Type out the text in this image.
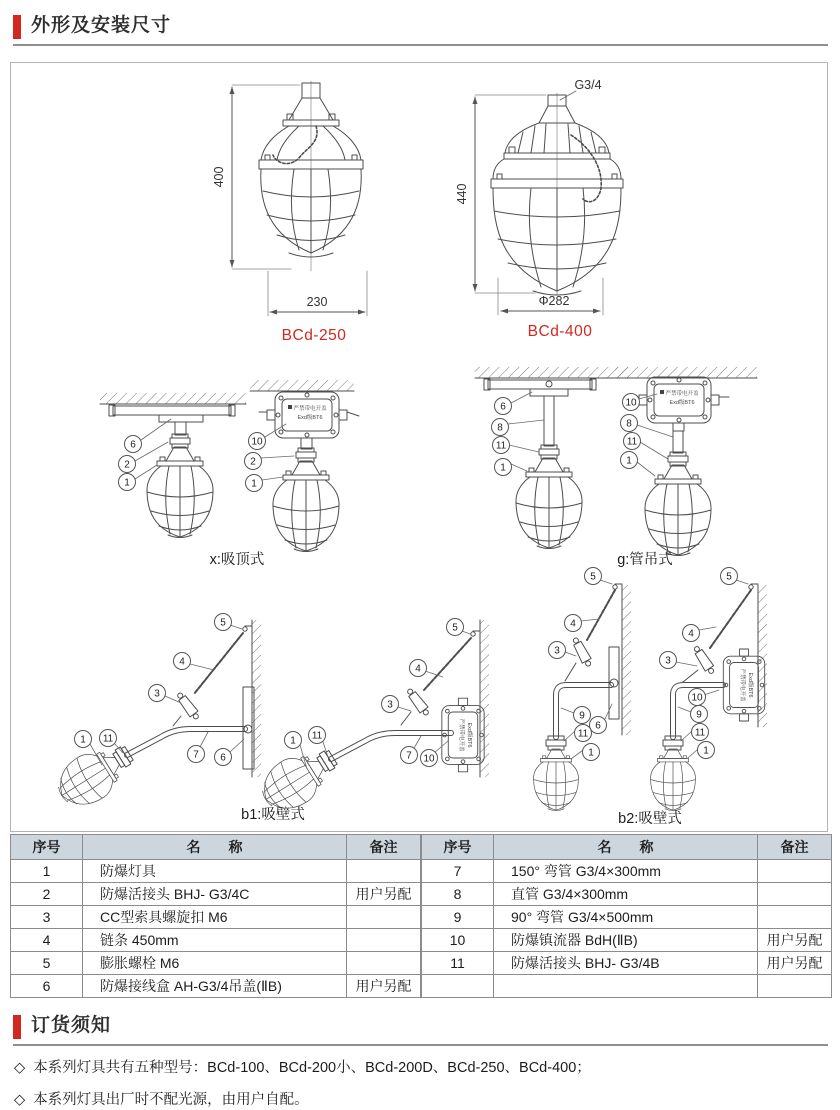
外形及安装尺寸
400
230
BCd-250
G3/4
440
Φ282
BCd-400
6
2
1
严禁带电开盖
Exd级BT6
10
2
1
x:吸顶式
6
8
11
1
严禁带电开盖
Exd级BT6
10
8
11
1
g:管吊式
5
4
3
7 6
11
1	严禁带电开盖 Exd级BT6
5
4
3
7 10
11
1
b1:吸壁式
5
4
3
6
9
11
1
严禁带电开盖 Exd级BT6
5
4
3
10
9
11
1
b2:吸壁式
序号	名　　称	备注
1	防爆灯具	
2	防爆活接头 BHJ- G3/4C	用户另配
3	CC型索具螺旋扣 M6	
4	链条 450mm	
5	膨胀螺栓 M6	
6	防爆接线盒 AH-G3/4吊盖(ⅡB)	用户另配
序号	名　　称	备注
7	150° 弯管 G3/4×300mm	
8	直管 G3/4×300mm	
9	90° 弯管 G3/4×500mm	
10	防爆镇流器 BdH(ⅡB)	用户另配
11	防爆活接头 BHJ- G3/4B	用户另配

订货须知

◇ 本系列灯具共有五种型号：BCd-100、BCd-200小、BCd-200D、BCd-250、BCd-400；

◇ 本系列灯具出厂时不配光源，由用户自配。
